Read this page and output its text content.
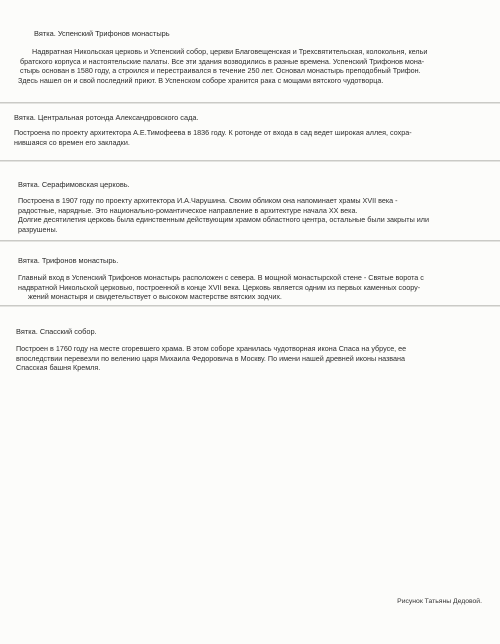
Вятка. Успенский Трифонов монастырь

Надвратная Никольская церковь и Успенский собор, церкви Благовещенская и Трехсвятительская, колокольня, кельи

братского корпуса и настоятельские палаты. Все эти здания возводились в разные времена. Успенский Трифонов мона-

стырь основан в 1580 году, а строился и перестраивался в течение 250 лет. Основал монастырь преподобный Трифон.

Здесь нашел он и свой последний приют. В Успенском соборе хранится рака с мощами вятского чудотворца.

Вятка. Центральная ротонда Александровского сада.

Построена по проекту архитектора А.Е.Тимофеева в 1836 году. К ротонде от входа в сад ведет широкая аллея, сохра-

нившаяся со времен его закладки.

Вятка. Серафимовская церковь.

Построена в 1907 году по проекту архитектора И.А.Чарушина. Своим обликом она напоминает храмы XVII века -

радостные, нарядные. Это национально-романтическое направление в архитектуре начала XX века.

Долгие десятилетия церковь была единственным действующим храмом областного центра, остальные были закрыты или

разрушены.

Вятка. Трифонов монастырь.

Главный вход в Успенский Трифонов монастырь расположен с севера. В мощной монастырской стене - Святые ворота с

надвратной Никольской церковью, построенной в конце XVII века. Церковь является одним из первых каменных соору-

жений монастыря и свидетельствует о высоком мастерстве вятских зодчих.

Вятка. Спасский собор.

Построен в 1760 году на месте сгоревшего храма. В этом соборе хранилась чудотворная икона Спаса на убрусе, ее

впоследствии перевезли по велению царя Михаила Федоровича в Москву. По имени нашей древней иконы названа

Спасская башня Кремля.

Рисунок Татьяны Дедовой.
